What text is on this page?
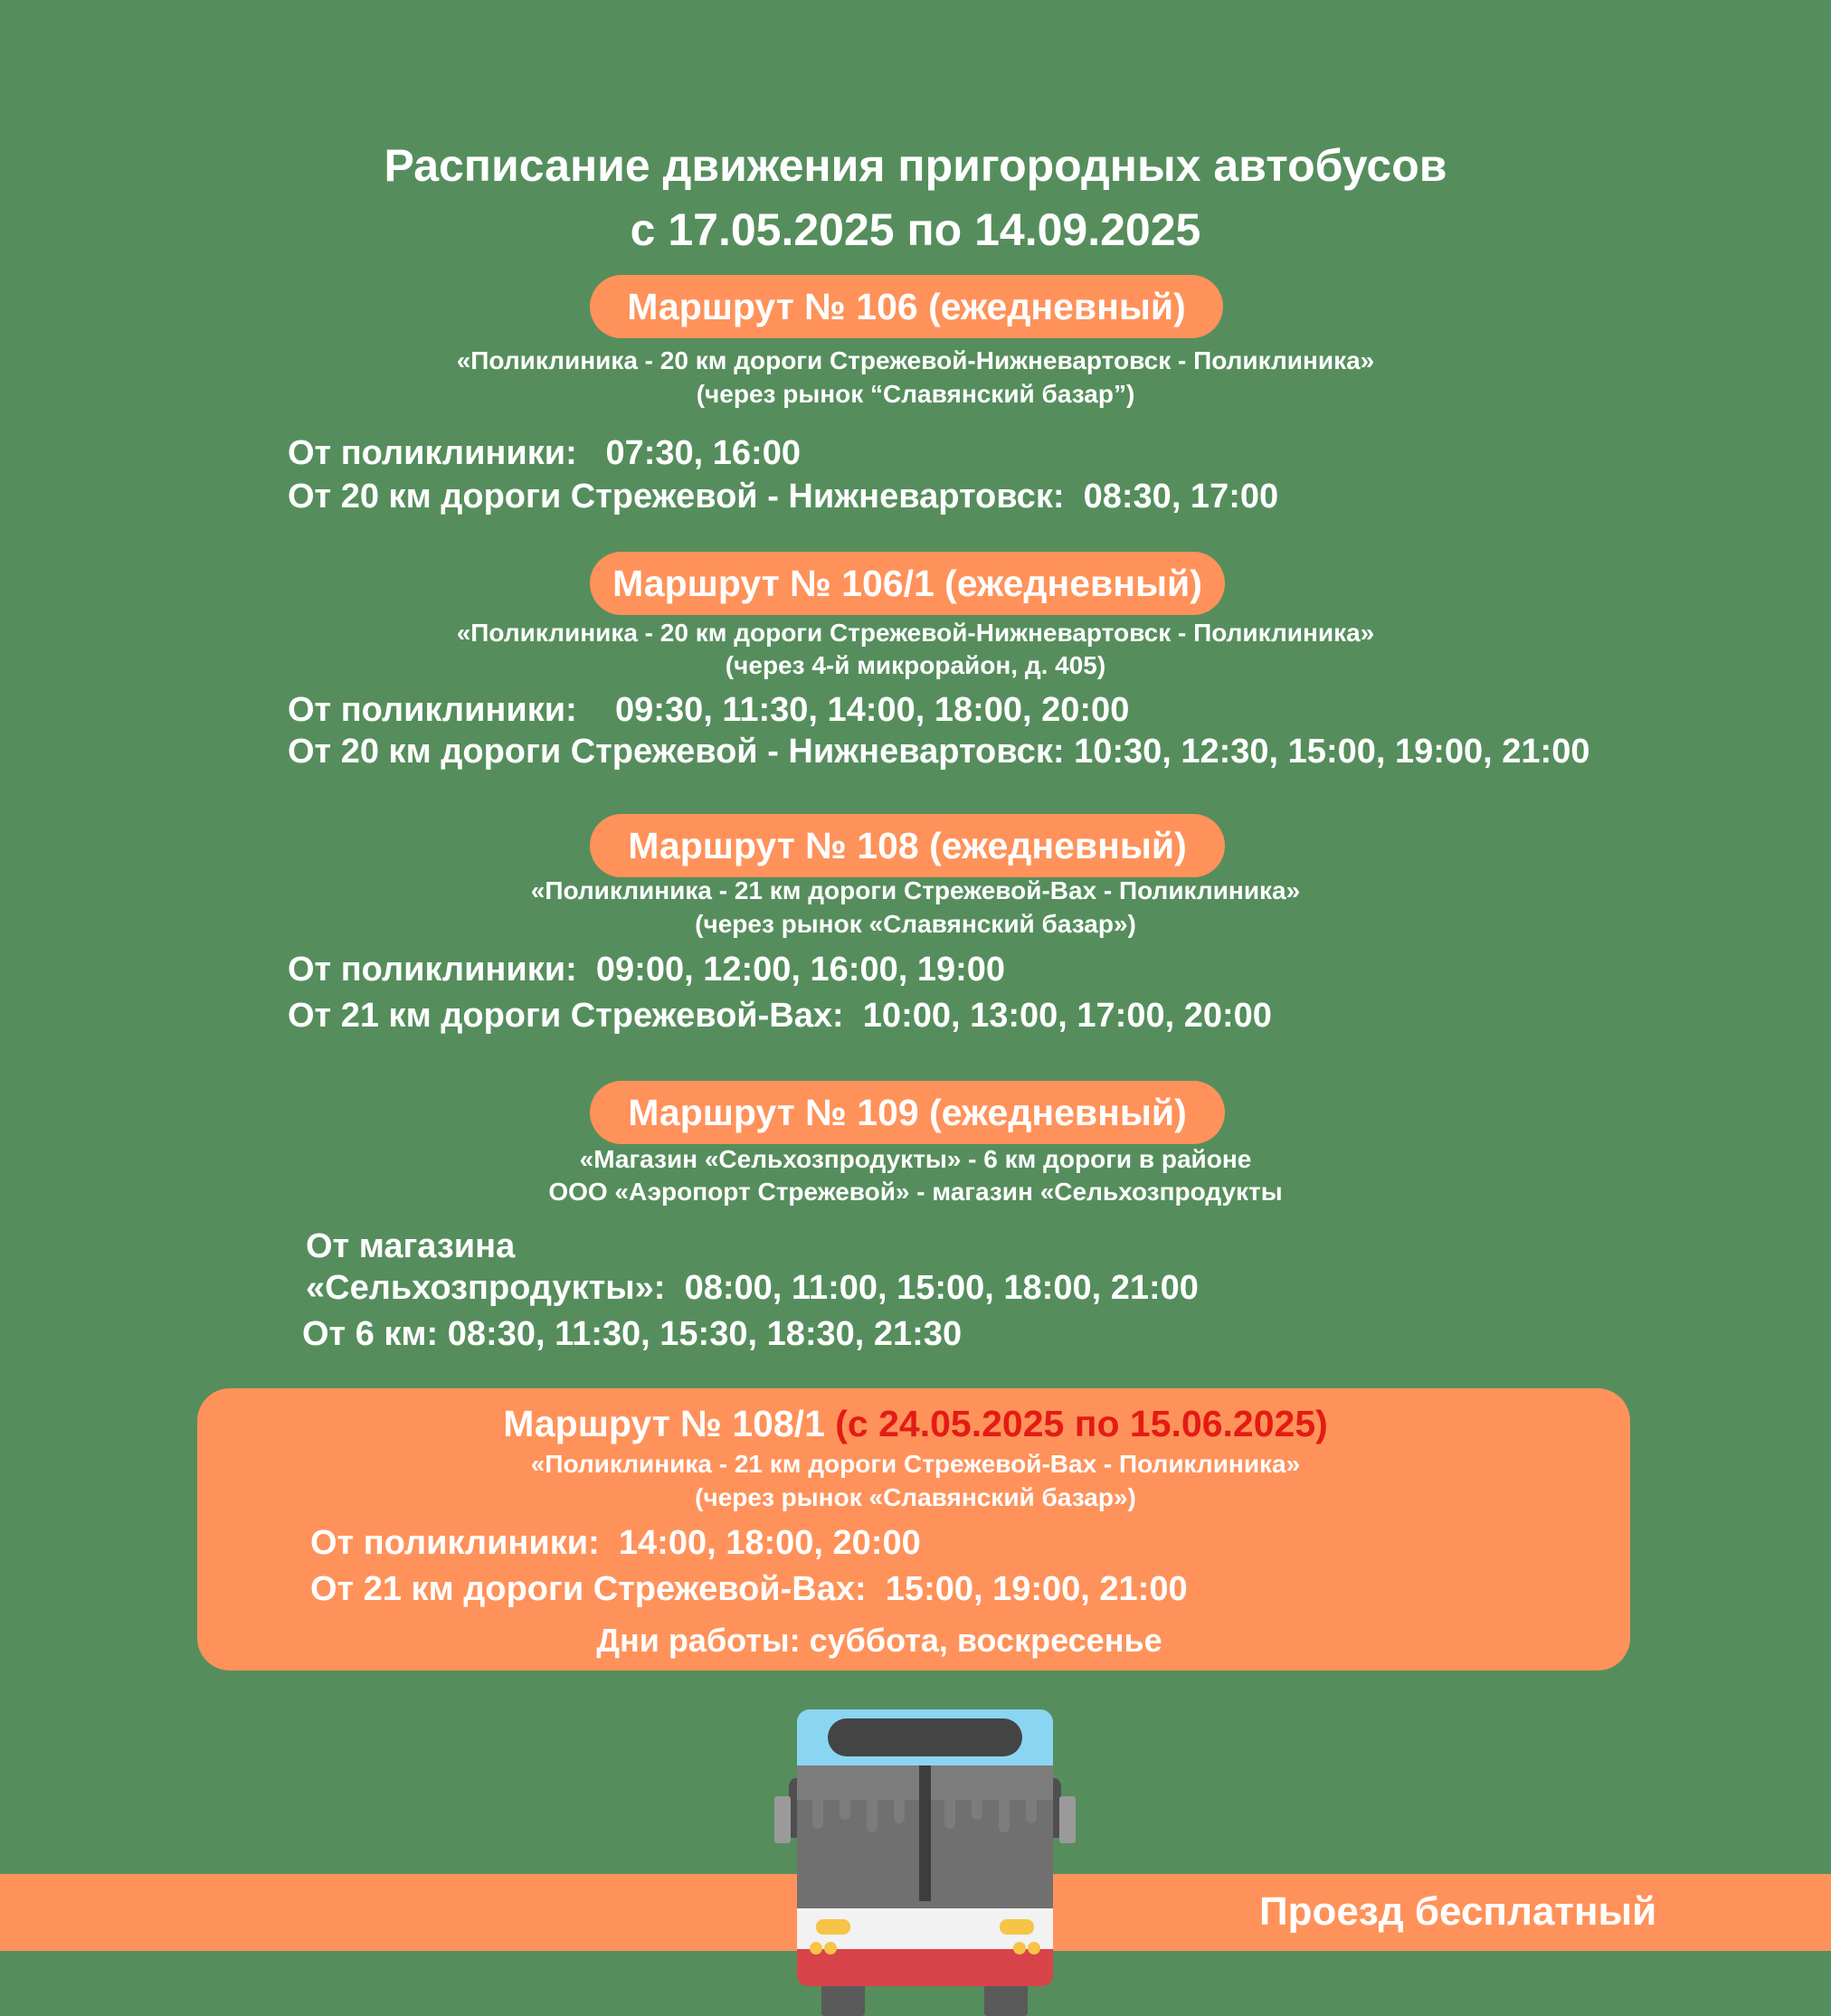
Расписание движения пригородных автобусов
с 17.05.2025 по 14.09.2025
Маршрут № 106 (ежедневный)
«Поликлиника - 20 км дороги Стрежевой-Нижневартовск - Поликлиника»
(через рынок “Славянский базар”)
От поликлиники: 07:30, 16:00
От 20 км дороги Стрежевой - Нижневартовск: 08:30, 17:00
Маршрут № 106/1 (ежедневный)
«Поликлиника - 20 км дороги Стрежевой-Нижневартовск - Поликлиника»
(через 4-й микрорайон, д. 405)
От поликлиники: 09:30, 11:30, 14:00, 18:00, 20:00
От 20 км дороги Стрежевой - Нижневартовск: 10:30, 12:30, 15:00, 19:00, 21:00
Маршрут № 108 (ежедневный)
«Поликлиника - 21 км дороги Стрежевой-Вах - Поликлиника»
(через рынок «Славянский базар»)
От поликлиники: 09:00, 12:00, 16:00, 19:00
От 21 км дороги Стрежевой-Вах: 10:00, 13:00, 17:00, 20:00
Маршрут № 109 (ежедневный)
«Магазин «Сельхозпродукты» - 6 км дороги в районе
ООО «Аэропорт Стрежевой» - магазин «Сельхозпродукты
От магазина
«Сельхозпродукты»: 08:00, 11:00, 15:00, 18:00, 21:00
От 6 км: 08:30, 11:30, 15:30, 18:30, 21:30
Маршрут № 108/1 (с 24.05.2025 по 15.06.2025)
«Поликлиника - 21 км дороги Стрежевой-Вах - Поликлиника»
(через рынок «Славянский базар»)
От поликлиники: 14:00, 18:00, 20:00
От 21 км дороги Стрежевой-Вах: 15:00, 19:00, 21:00
Дни работы: суббота, воскресенье
Проезд бесплатный
